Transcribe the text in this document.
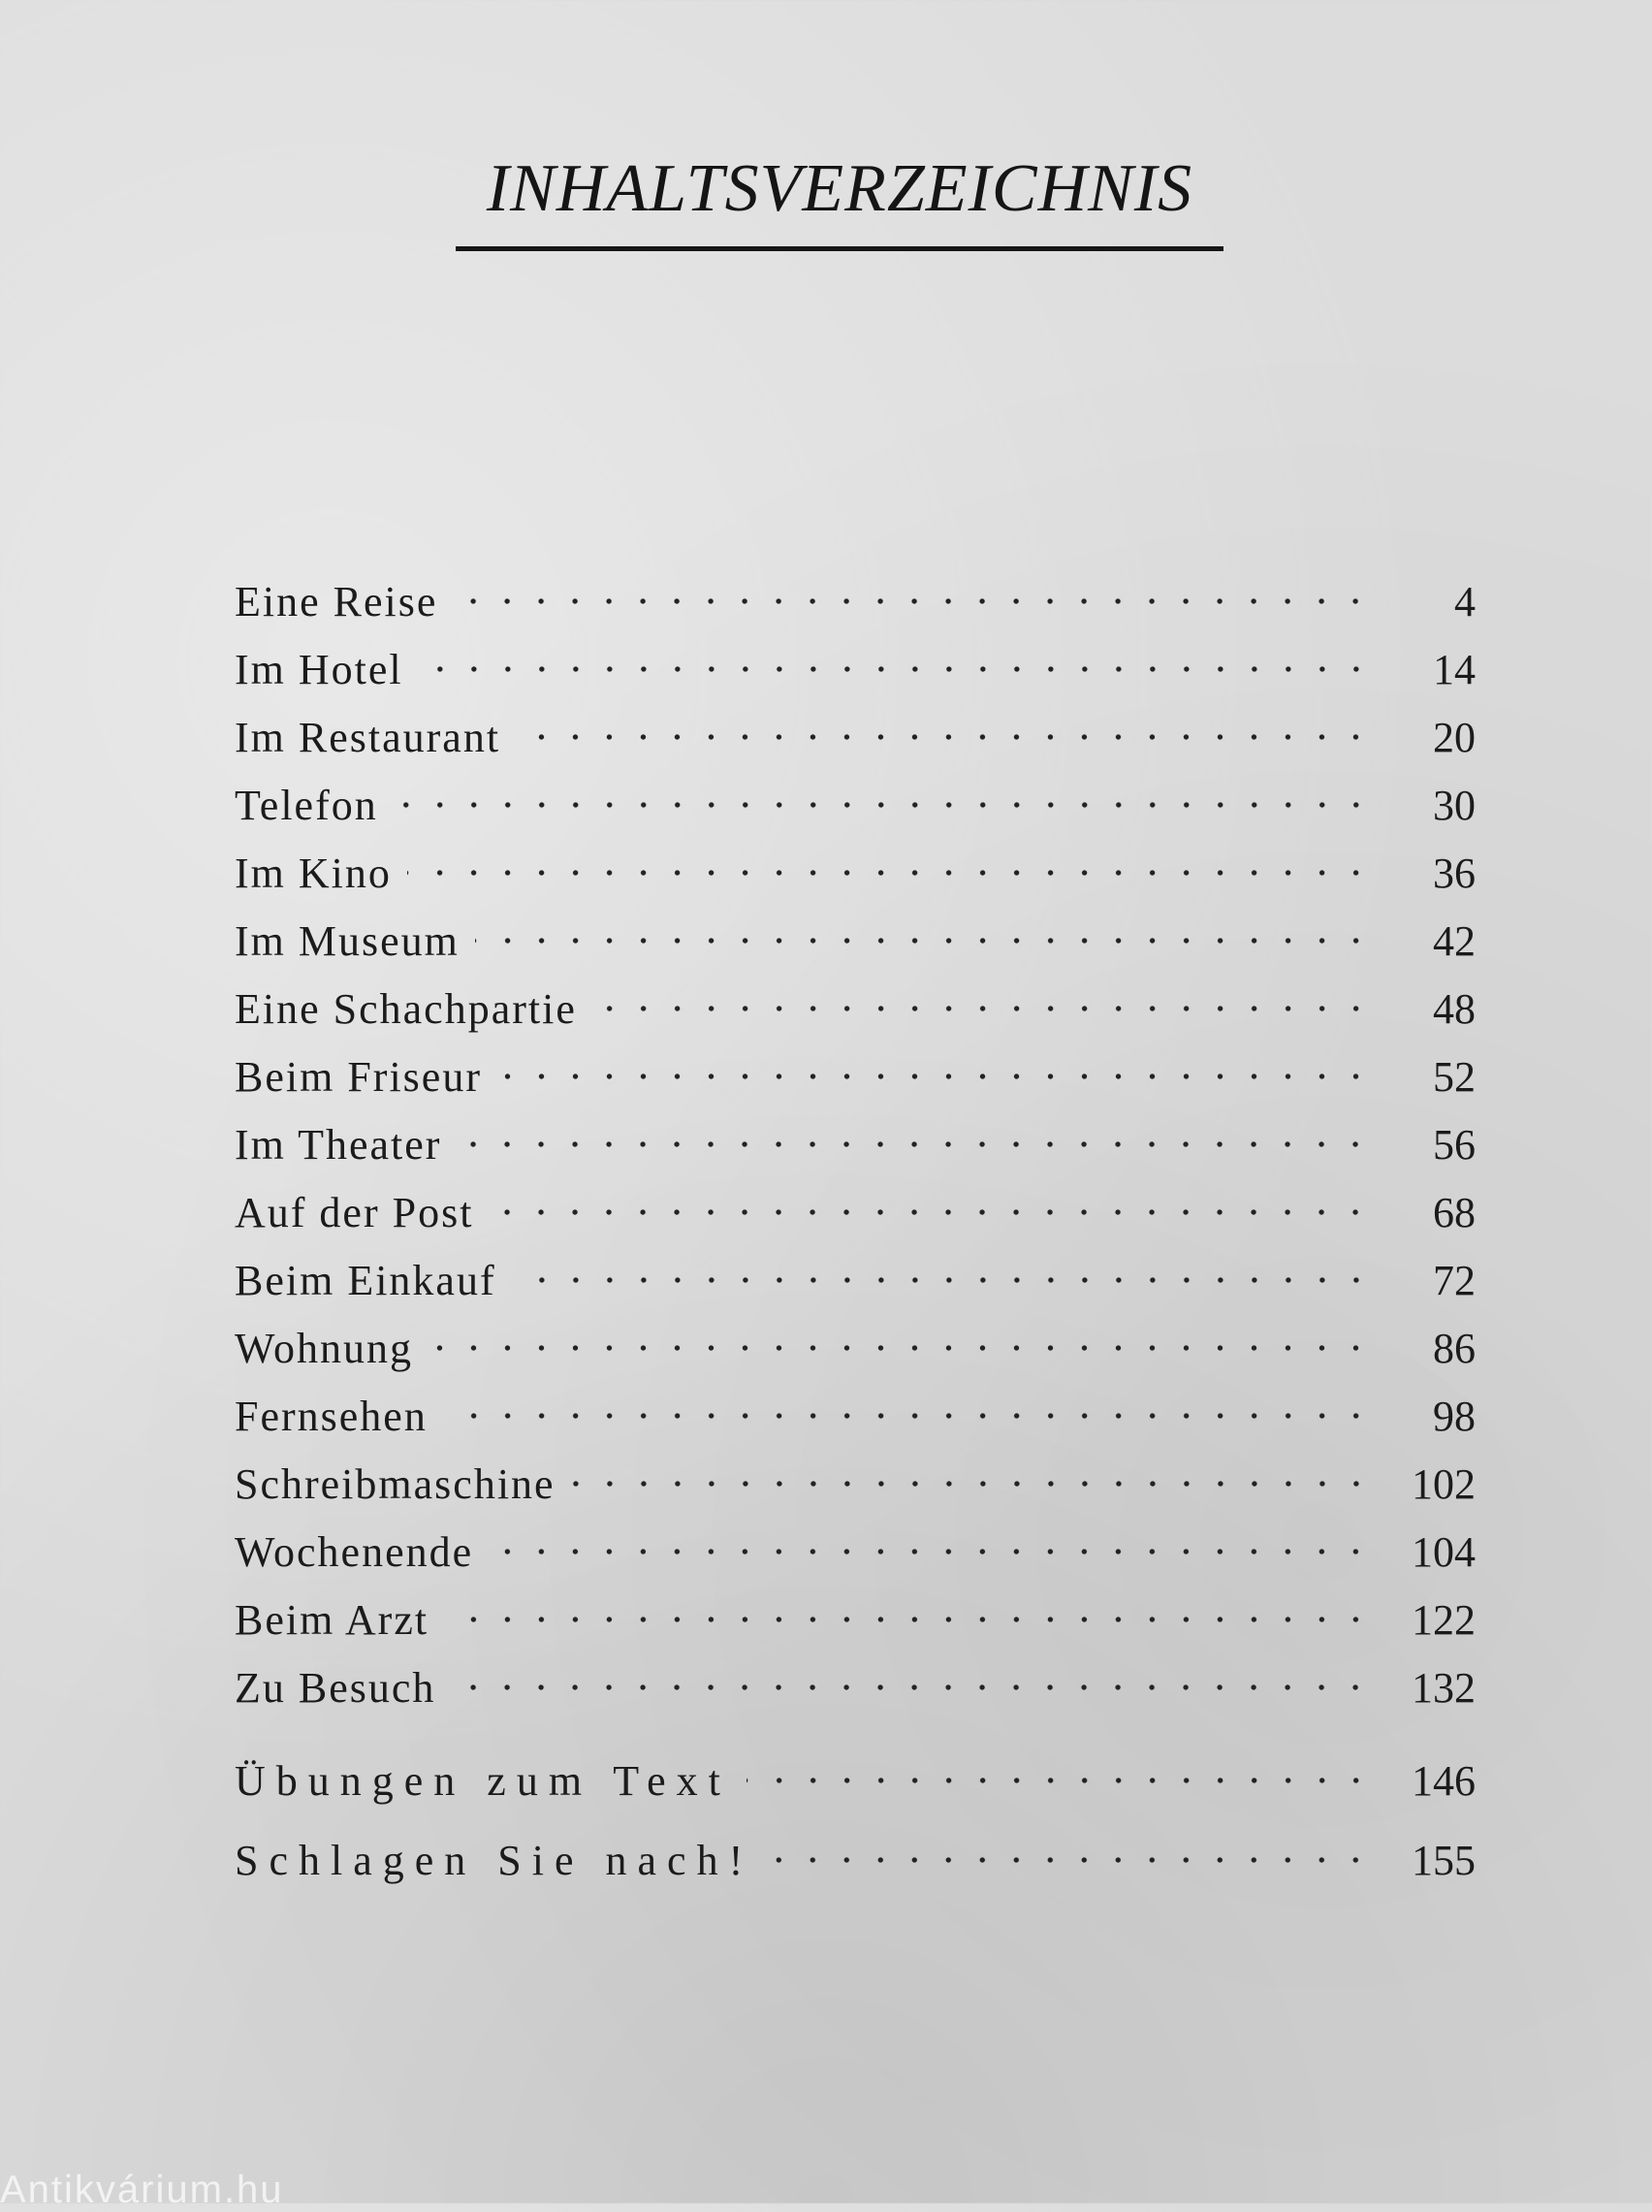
INHALTSVERZEICHNIS
Eine Reise	4
Im Hotel	14
Im Restaurant	20
Telefon	30
Im Kino	36
Im Museum	42
Eine Schachpartie	48
Beim Friseur	52
Im Theater	56
Auf der Post	68
Beim Einkauf	72
Wohnung	86
Fernsehen	98
Schreibmaschine	102
Wochenende	104
Beim Arzt	122
Zu Besuch	132
Übungen zum Text	146
Schlagen Sie nach!	155
Antikvárium.hu
